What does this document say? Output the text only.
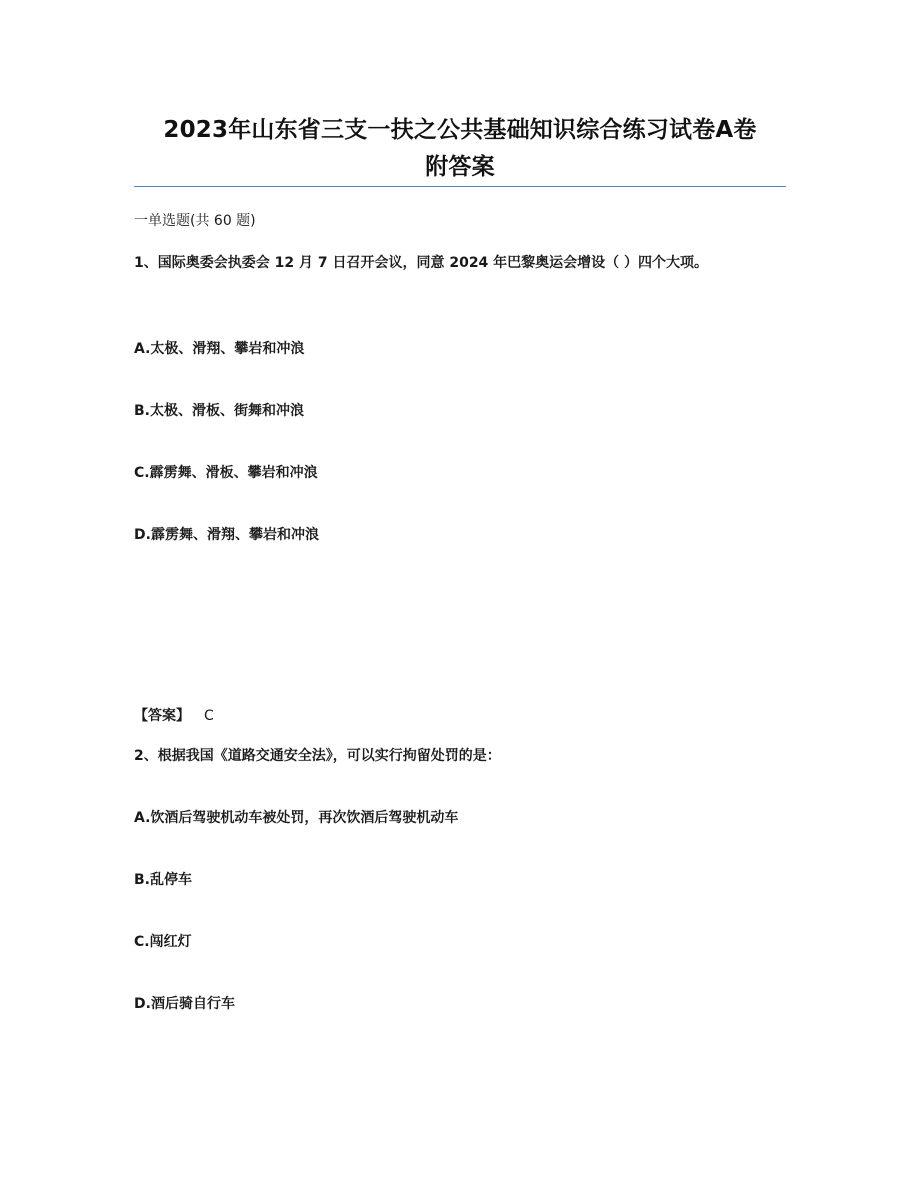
2023年山东省三支一扶之公共基础知识综合练习试卷A卷
附答案
一单选题(共 60 题)
1、国际奥委会执委会 12 月 7 日召开会议，同意 2024 年巴黎奥运会增设（ ）四个大项。
A.太极、滑翔、攀岩和冲浪
B.太极、滑板、街舞和冲浪
C.霹雳舞、滑板、攀岩和冲浪
D.霹雳舞、滑翔、攀岩和冲浪
【答案】 C
2、根据我国《道路交通安全法》，可以实行拘留处罚的是：
A.饮酒后驾驶机动车被处罚，再次饮酒后驾驶机动车
B.乱停车
C.闯红灯
D.酒后骑自行车
